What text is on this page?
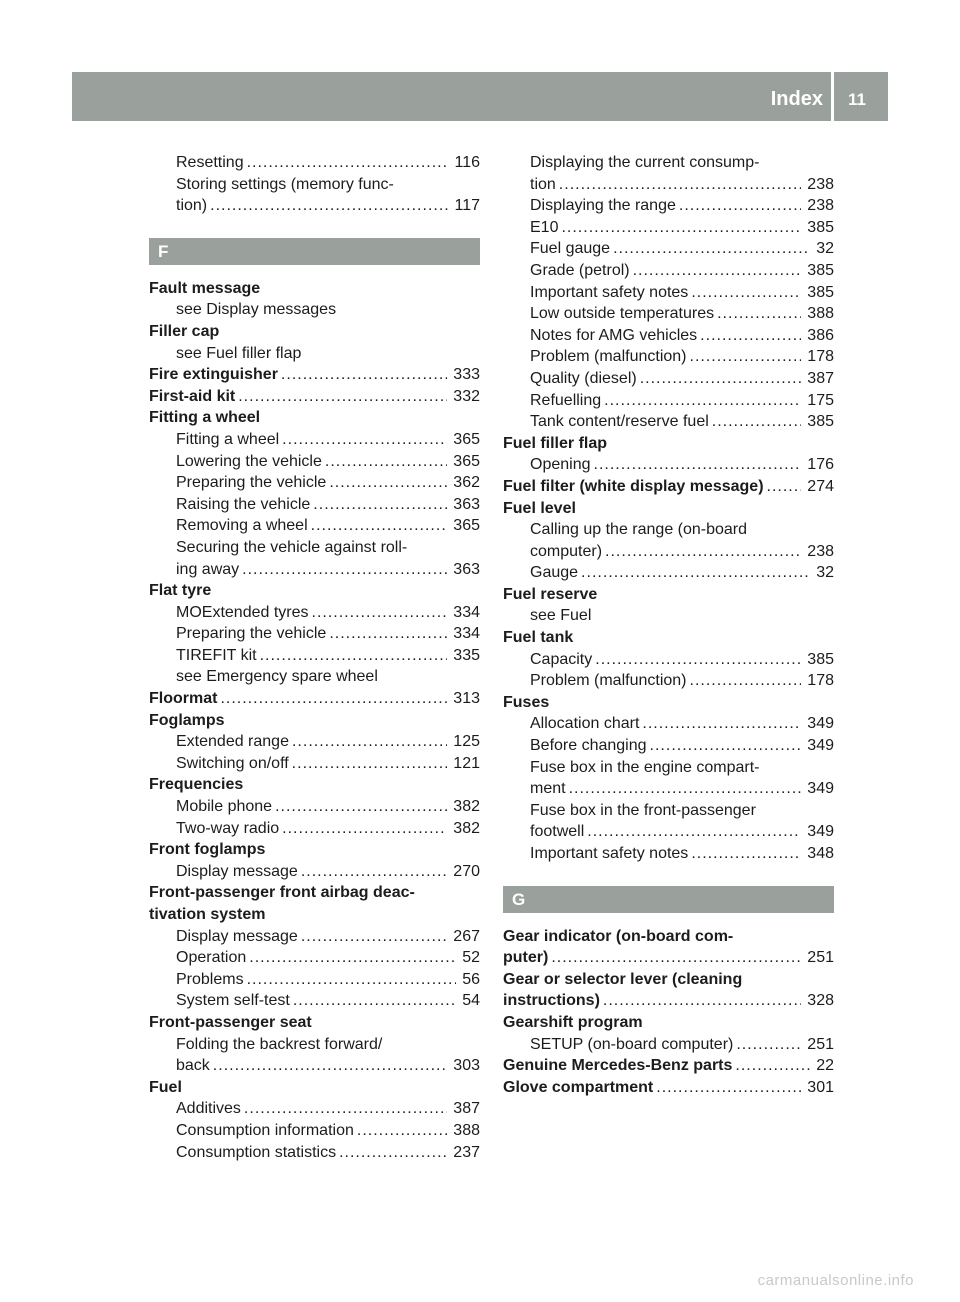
Index 11
Resetting .....	116
Storing settings (memory func-
tion) .....	117
F
Fault message
see Display messages
Filler cap
see Fuel filler flap
Fire extinguisher .....	333
First-aid kit .....	332
Fitting a wheel
Fitting a wheel .....	365
Lowering the vehicle .....	365
Preparing the vehicle .....	362
Raising the vehicle .....	363
Removing a wheel .....	365
Securing the vehicle against roll-
ing away .....	363
Flat tyre
MOExtended tyres .....	334
Preparing the vehicle .....	334
TIREFIT kit .....	335
see Emergency spare wheel
Floormat .....	313
Foglamps
Extended range .....	125
Switching on/off .....	121
Frequencies
Mobile phone .....	382
Two-way radio .....	382
Front foglamps
Display message .....	270
Front-passenger front airbag deac-
tivation system
Display message .....	267
Operation .....	52
Problems .....	56
System self-test .....	54
Front-passenger seat
Folding the backrest forward/
back .....	303
Fuel
Additives .....	387
Consumption information .....	388
Consumption statistics .....	237
Displaying the current consump-
tion .....	238
Displaying the range .....	238
E10 .....	385
Fuel gauge .....	32
Grade (petrol) .....	385
Important safety notes .....	385
Low outside temperatures .....	388
Notes for AMG vehicles .....	386
Problem (malfunction) .....	178
Quality (diesel) .....	387
Refuelling .....	175
Tank content/reserve fuel .....	385
Fuel filler flap
Opening .....	176
Fuel filter (white display message) .....	274
Fuel level
Calling up the range (on-board
computer) .....	238
Gauge .....	32
Fuel reserve
see Fuel
Fuel tank
Capacity .....	385
Problem (malfunction) .....	178
Fuses
Allocation chart .....	349
Before changing .....	349
Fuse box in the engine compart-
ment .....	349
Fuse box in the front-passenger
footwell .....	349
Important safety notes .....	348
G
Gear indicator (on-board com-
puter) .....	251
Gear or selector lever (cleaning
instructions) .....	328
Gearshift program
SETUP (on-board computer) .....	251
Genuine Mercedes-Benz parts .....	22
Glove compartment .....	301
carmanualsonline.info
